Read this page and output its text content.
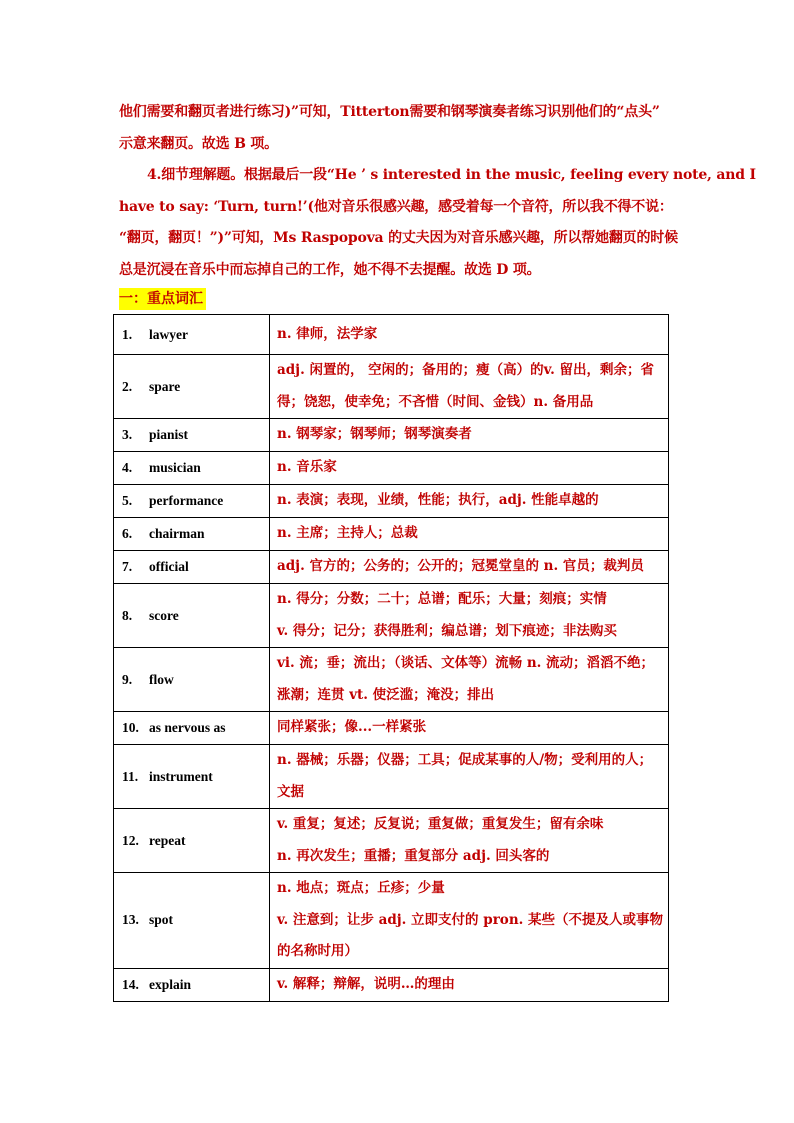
他们需要和翻页者进行练习)”可知，Titterton需要和钢琴演奏者练习识别他们的“点头”

示意来翻页。故选 B 项。

4.细节理解题。根据最后一段“He ’ s interested in the music, feeling every note, and I

have to say: ‘Turn, turn!’(他对音乐很感兴趣，感受着每一个音符，所以我不得不说：

“翻页，翻页！”)”可知，Ms Raspopova 的丈夫因为对音乐感兴趣，所以帮她翻页的时候

总是沉浸在音乐中而忘掉自己的工作，她不得不去提醒。故选 D 项。

一：重点词汇
1. lawyer	n. 律师，法学家

2. spare	adj. 闲置的， 空闲的；备用的；瘦（高）的v. 留出，剩余；省
得；饶恕，使幸免；不吝惜（时间、金钱）n. 备用品

3. pianist	n. 钢琴家；钢琴师；钢琴演奏者

4. musician	n. 音乐家

5. performance	n. 表演；表现，业绩，性能；执行，adj. 性能卓越的

6. chairman	n. 主席；主持人；总裁

7. official	adj. 官方的；公务的；公开的；冠冕堂皇的 n. 官员；裁判员

8. score	n. 得分；分数；二十；总谱；配乐；大量；刻痕；实情
v. 得分；记分；获得胜利；编总谱；划下痕迹；非法购买

9. flow	vi. 流；垂；流出；（谈话、文体等）流畅 n. 流动；滔滔不绝；
涨潮；连贯 vt. 使泛滥；淹没；排出

10. as nervous as	同样紧张；像...一样紧张

11. instrument	n. 器械；乐器；仪器；工具；促成某事的人/物；受利用的人；
文据

12. repeat	v. 重复；复述；反复说；重复做；重复发生；留有余味
n. 再次发生；重播；重复部分 adj. 回头客的

13. spot	n. 地点；斑点；丘疹；少量
v. 注意到；让步 adj. 立即支付的 pron. 某些（不提及人或事物
的名称时用）

14. explain	v. 解释；辩解，说明…的理由
